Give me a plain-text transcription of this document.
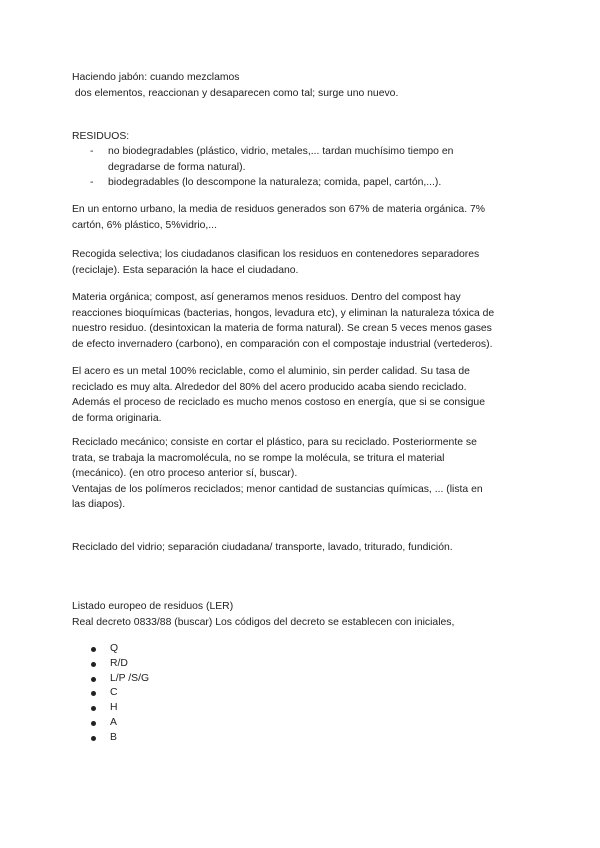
Haciendo jabón: cuando mezclamos
dos elementos, reaccionan y desaparecen como tal; surge uno nuevo.
RESIDUOS:
- no biodegradables (plástico, vidrio, metales,... tardan muchísimo tiempo en
degradarse de forma natural).
- biodegradables (lo descompone la naturaleza; comida, papel, cartón,...).
En un entorno urbano, la media de residuos generados son 67% de materia orgánica. 7%
cartón, 6% plástico, 5%vidrio,...
Recogida selectiva; los ciudadanos clasifican los residuos en contenedores separadores
(reciclaje). Esta separación la hace el ciudadano.
Materia orgánica; compost, así generamos menos residuos. Dentro del compost hay
reacciones bioquímicas (bacterias, hongos, levadura etc), y eliminan la naturaleza tóxica de
nuestro residuo. (desintoxican la materia de forma natural). Se crean 5 veces menos gases
de efecto invernadero (carbono), en comparación con el compostaje industrial (vertederos).
El acero es un metal 100% reciclable, como el aluminio, sin perder calidad. Su tasa de
reciclado es muy alta. Alrededor del 80% del acero producido acaba siendo reciclado.
Además el proceso de reciclado es mucho menos costoso en energía, que si se consigue
de forma originaria.
Reciclado mecánico; consiste en cortar el plástico, para su reciclado. Posteriormente se
trata, se trabaja la macromolécula, no se rompe la molécula, se tritura el material
(mecánico). (en otro proceso anterior sí, buscar).
Ventajas de los polímeros reciclados; menor cantidad de sustancias químicas, ... (lista en
las diapos).
Reciclado del vidrio; separación ciudadana/ transporte, lavado, triturado, fundición.
Listado europeo de residuos (LER)
Real decreto 0833/88 (buscar) Los códigos del decreto se establecen con iniciales,
Q
R/D
L/P /S/G
C
H
A
B
